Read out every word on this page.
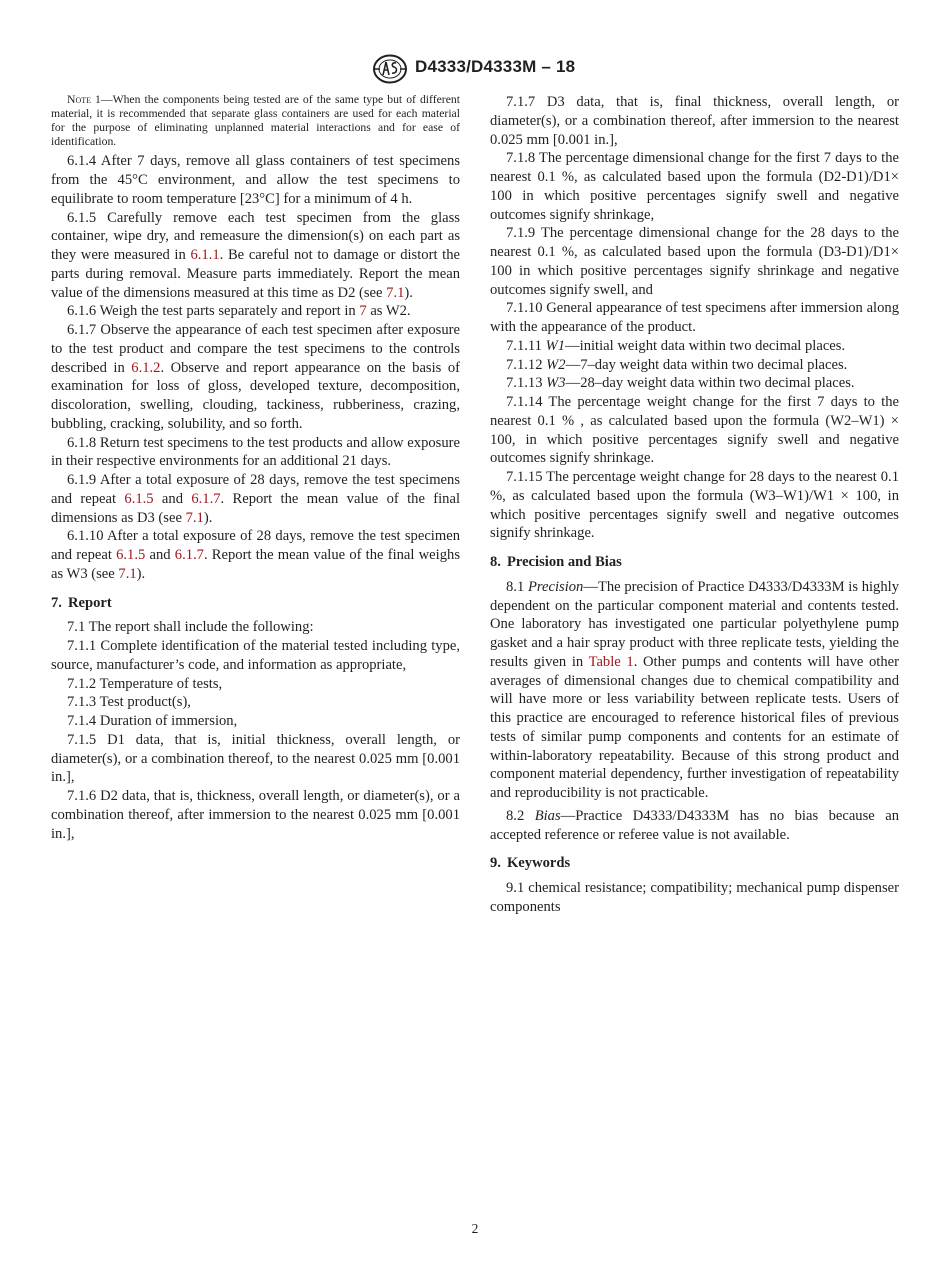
D4333/D4333M – 18

Note 1—When the components being tested are of the same type but of different material, it is recommended that separate glass containers are used for each material for the purpose of eliminating unplanned material interactions and for ease of identification.

6.1.4 After 7 days, remove all glass containers of test specimens from the 45°C environment, and allow the test specimens to equilibrate to room temperature [23°C] for a minimum of 4 h.

6.1.5 Carefully remove each test specimen from the glass container, wipe dry, and remeasure the dimension(s) on each part as they were measured in 6.1.1. Be careful not to damage or distort the parts during removal. Measure parts immediately. Report the mean value of the dimensions measured at this time as D2 (see 7.1).

6.1.6 Weigh the test parts separately and report in 7 as W2.

6.1.7 Observe the appearance of each test specimen after exposure to the test product and compare the test specimens to the controls described in 6.1.2. Observe and report appearance on the basis of examination for loss of gloss, developed texture, decomposition, discoloration, swelling, clouding, tackiness, rubberiness, crazing, bubbling, cracking, solubility, and so forth.

6.1.8 Return test specimens to the test products and allow exposure in their respective environments for an additional 21 days.

6.1.9 After a total exposure of 28 days, remove the test specimens and repeat 6.1.5 and 6.1.7. Report the mean value of the final dimensions as D3 (see 7.1).

6.1.10 After a total exposure of 28 days, remove the test specimen and repeat 6.1.5 and 6.1.7. Report the mean value of the final weighs as W3 (see 7.1).

7. Report

7.1 The report shall include the following:

7.1.1 Complete identification of the material tested including type, source, manufacturer’s code, and information as appropriate,

7.1.2 Temperature of tests,

7.1.3 Test product(s),

7.1.4 Duration of immersion,

7.1.5 D1 data, that is, initial thickness, overall length, or diameter(s), or a combination thereof, to the nearest 0.025 mm [0.001 in.],

7.1.6 D2 data, that is, thickness, overall length, or diameter(s), or a combination thereof, after immersion to the nearest 0.025 mm [0.001 in.],

7.1.7 D3 data, that is, final thickness, overall length, or diameter(s), or a combination thereof, after immersion to the nearest 0.025 mm [0.001 in.],

7.1.8 The percentage dimensional change for the first 7 days to the nearest 0.1 %, as calculated based upon the formula (D2-D1)/D1× 100 in which positive percentages signify swell and negative outcomes signify shrinkage,

7.1.9 The percentage dimensional change for the 28 days to the nearest 0.1 %, as calculated based upon the formula (D3-D1)/D1× 100 in which positive percentages signify shrinkage and negative outcomes signify swell, and

7.1.10 General appearance of test specimens after immersion along with the appearance of the product.

7.1.11 W1—initial weight data within two decimal places.

7.1.12 W2—7–day weight data within two decimal places.

7.1.13 W3—28–day weight data within two decimal places.

7.1.14 The percentage weight change for the first 7 days to the nearest 0.1 % , as calculated based upon the formula (W2–W1) × 100, in which positive percentages signify swell and negative outcomes signify shrinkage.

7.1.15 The percentage weight change for 28 days to the nearest 0.1 %, as calculated based upon the formula (W3–W1)/W1 × 100, in which positive percentages signify swell and negative outcomes signify shrinkage.

8. Precision and Bias

8.1 Precision—The precision of Practice D4333/D4333M is highly dependent on the particular component material and contents tested. One laboratory has investigated one particular polyethylene pump gasket and a hair spray product with three replicate tests, yielding the results given in Table 1. Other pumps and contents will have other averages of dimensional changes due to chemical compatibility and will have more or less variability between replicate tests. Users of this practice are encouraged to reference historical files of previous tests of similar pump components and contents for an estimate of within-laboratory repeatability. Because of this strong product and component material dependency, further investigation of repeatability and reproducibility is not practicable.

8.2 Bias—Practice D4333/D4333M has no bias because an accepted reference or referee value is not available.

9. Keywords

9.1 chemical resistance; compatibility; mechanical pump dispenser components

2
